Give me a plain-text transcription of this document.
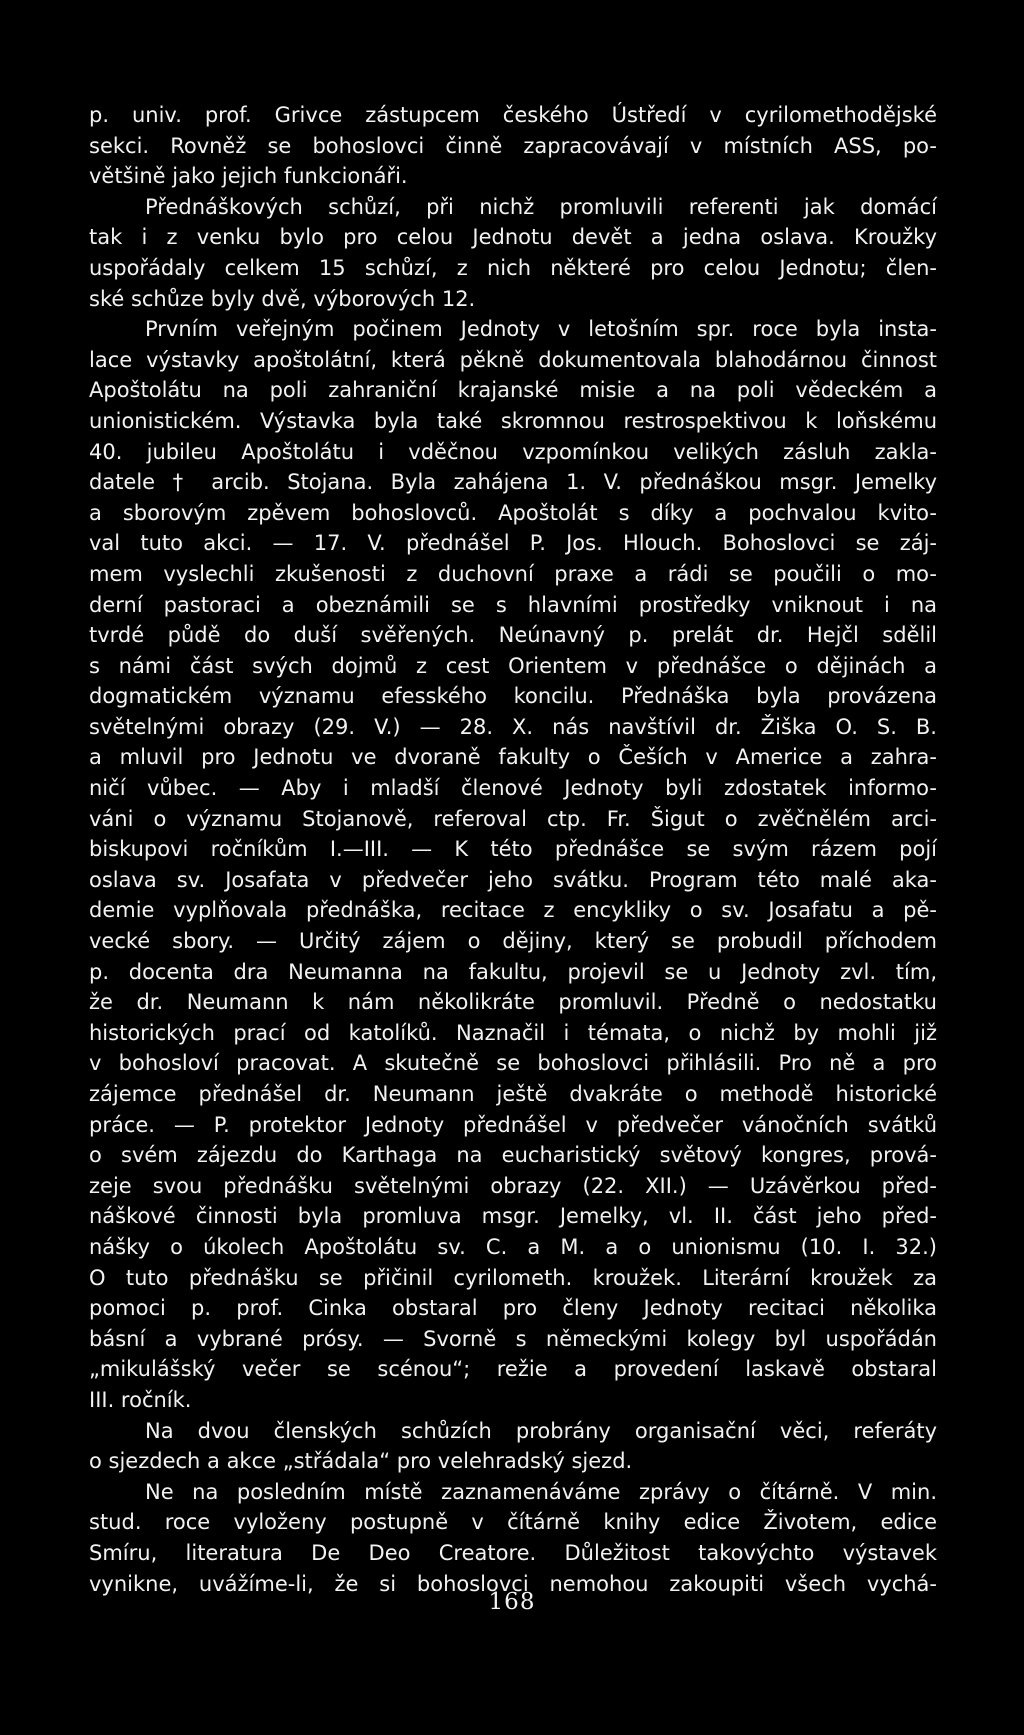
p. univ. prof. Grivce zástupcem českého Ústředí v cyrilomethodějské
sekci. Rovněž se bohoslovci činně zapracovávají v místních ASS, po-
většině jako jejich funkcionáři.
Přednáškových schůzí, při nichž promluvili referenti jak domácí
tak i z venku bylo pro celou Jednotu devět a jedna oslava. Kroužky
uspořádaly celkem 15 schůzí, z nich některé pro celou Jednotu; člen-
ské schůze byly dvě, výborových 12.
Prvním veřejným počinem Jednoty v letošním spr. roce byla insta-
lace výstavky apoštolátní, která pěkně dokumentovala blahodárnou činnost
Apoštolátu na poli zahraniční krajanské misie a na poli vědeckém a
unionistickém. Výstavka byla také skromnou restrospektivou k loňskému
40. jubileu Apoštolátu i vděčnou vzpomínkou velikých zásluh zakla-
datele † arcib. Stojana. Byla zahájena 1. V. přednáškou msgr. Jemelky
a sborovým zpěvem bohoslovců. Apoštolát s díky a pochvalou kvito-
val tuto akci. — 17. V. přednášel P. Jos. Hlouch. Bohoslovci se záj-
mem vyslechli zkušenosti z duchovní praxe a rádi se poučili o mo-
derní pastoraci a obeznámili se s hlavními prostředky vniknout i na
tvrdé půdě do duší svěřených. Neúnavný p. prelát dr. Hejčl sdělil
s námi část svých dojmů z cest Orientem v přednášce o dějinách a
dogmatickém významu efesského koncilu. Přednáška byla provázena
světelnými obrazy (29. V.) — 28. X. nás navštívil dr. Žiška O. S. B.
a mluvil pro Jednotu ve dvoraně fakulty o Češích v Americe a zahra-
ničí vůbec. — Aby i mladší členové Jednoty byli zdostatek informo-
váni o významu Stojanově, referoval ctp. Fr. Šigut o zvěčnělém arci-
biskupovi ročníkům I.—III. — K této přednášce se svým rázem pojí
oslava sv. Josafata v předvečer jeho svátku. Program této malé aka-
demie vyplňovala přednáška, recitace z encykliky o sv. Josafatu a pě-
vecké sbory. — Určitý zájem o dějiny, který se probudil příchodem
p. docenta dra Neumanna na fakultu, projevil se u Jednoty zvl. tím,
že dr. Neumann k nám několikráte promluvil. Předně o nedostatku
historických prací od katolíků. Naznačil i témata, o nichž by mohli již
v bohosloví pracovat. A skutečně se bohoslovci přihlásili. Pro ně a pro
zájemce přednášel dr. Neumann ještě dvakráte o methodě historické
práce. — P. protektor Jednoty přednášel v předvečer vánočních svátků
o svém zájezdu do Karthaga na eucharistický světový kongres, prová-
zeje svou přednášku světelnými obrazy (22. XII.) — Uzávěrkou před-
náškové činnosti byla promluva msgr. Jemelky, vl. II. část jeho před-
nášky o úkolech Apoštolátu sv. C. a M. a o unionismu (10. I. 32.)
O tuto přednášku se přičinil cyrilometh. kroužek. Literární kroužek za
pomoci p. prof. Cinka obstaral pro členy Jednoty recitaci několika
básní a vybrané prósy. — Svorně s německými kolegy byl uspořádán
„mikulášský večer se scénou“; režie a provedení laskavě obstaral
III. ročník.
Na dvou členských schůzích probrány organisační věci, referáty
o sjezdech a akce „střádala“ pro velehradský sjezd.
Ne na posledním místě zaznamenáváme zprávy o čítárně. V min.
stud. roce vyloženy postupně v čítárně knihy edice Životem, edice
Smíru, literatura De Deo Creatore. Důležitost takovýchto výstavek
vynikne, uvážíme-li, že si bohoslovci nemohou zakoupiti všech vychá-
168
